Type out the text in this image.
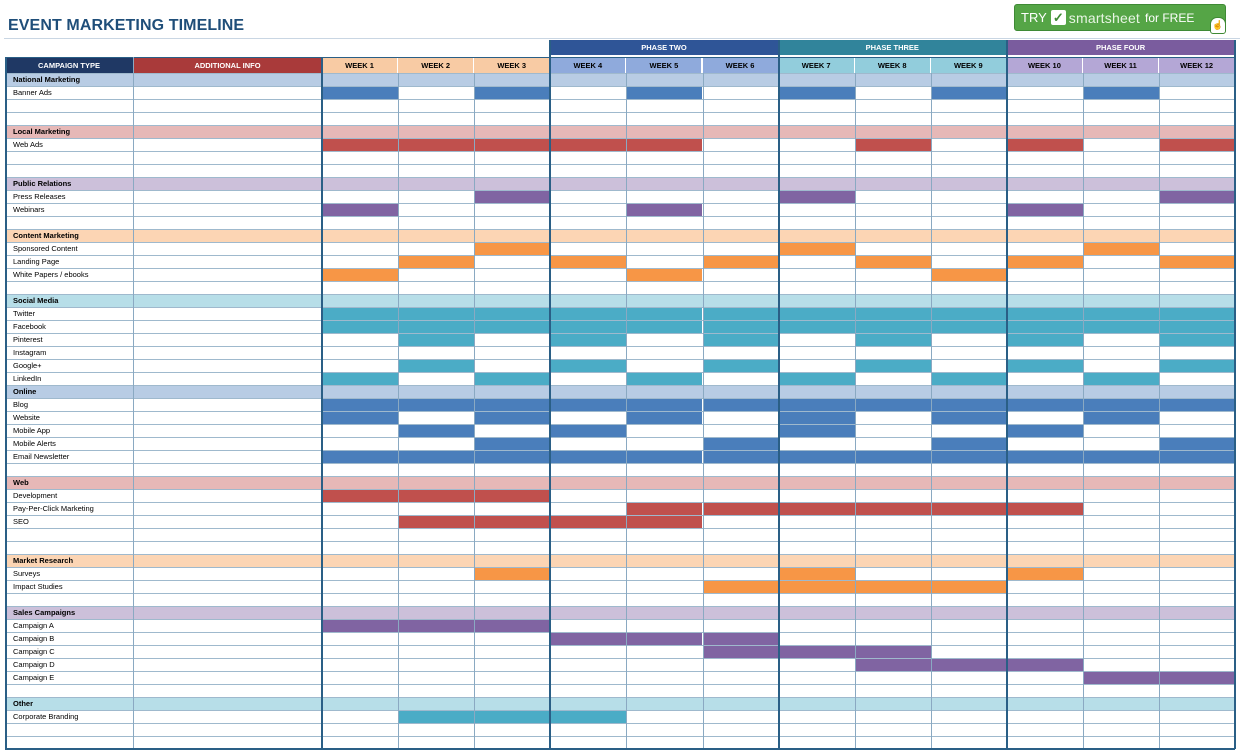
EVENT MARKETING TIMELINE	TRY ✓ smartsheet for FREE
☝
PHASE TWO	PHASE THREE	PHASE FOUR
CAMPAIGN TYPE	ADDITIONAL INFO	WEEK 1	WEEK 2	WEEK 3	WEEK 4	WEEK 5	WEEK 6	WEEK 7	WEEK 8	WEEK 9	WEEK 10	WEEK 11	WEEK 12
National Marketing
Banner Ads
Local Marketing
Web Ads
Public Relations
Press Releases
Webinars
Content Marketing
Sponsored Content
Landing Page
White Papers / ebooks
Social Media
Twitter
Facebook
Pinterest
Instagram
Google+
LinkedIn
Online
Blog
Website
Mobile App
Mobile Alerts
Email Newsletter
Web
Development
Pay-Per-Click Marketing
SEO
Market Research
Surveys
Impact Studies
Sales Campaigns
Campaign A
Campaign B
Campaign C
Campaign D
Campaign E
Other
Corporate Branding
